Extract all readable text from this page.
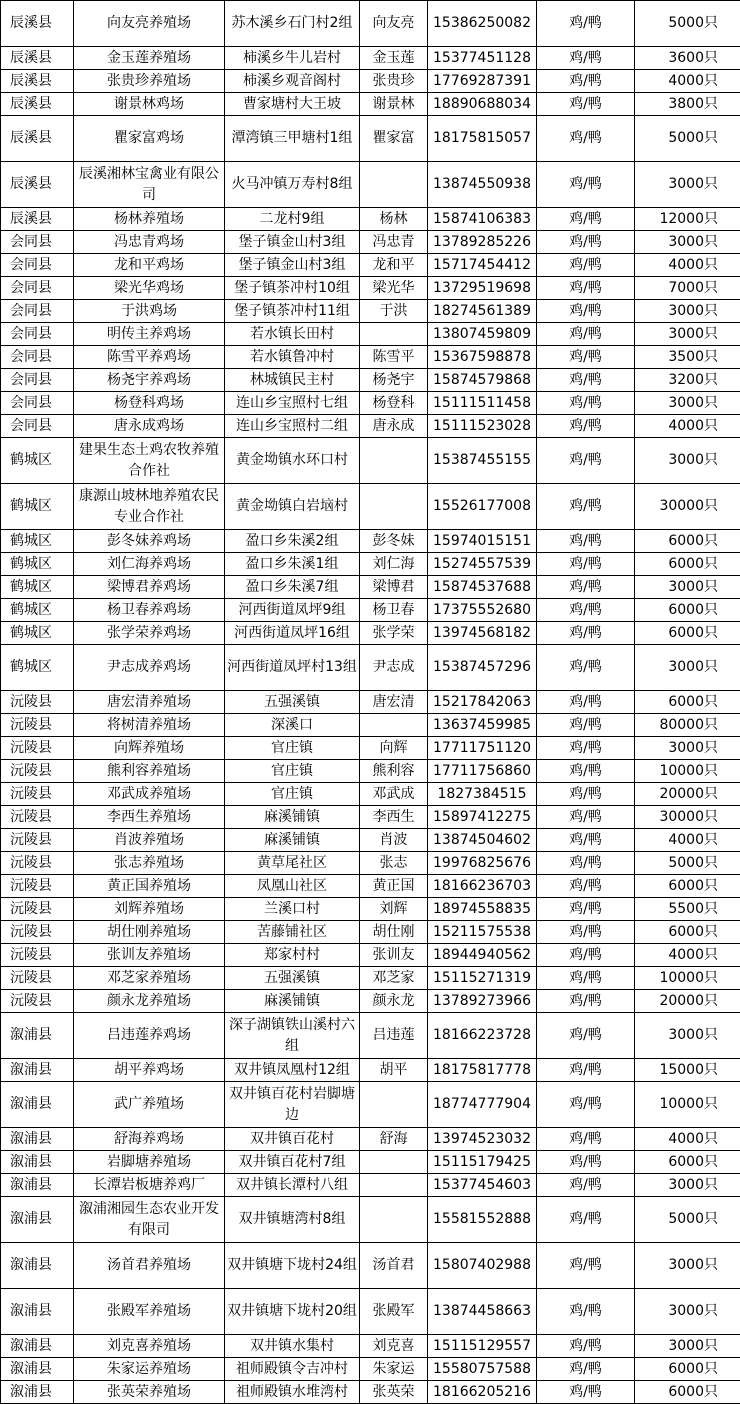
辰溪县	向友亮养殖场	苏木溪乡石门村2组	向友亮	15386250082	鸡/鸭	5000只
辰溪县	金玉莲养殖场	柿溪乡牛儿岩村	金玉莲	15377451128	鸡/鸭	3600只
辰溪县	张贵珍养殖场	柿溪乡观音阁村	张贵珍	17769287391	鸡/鸭	4000只
辰溪县	谢景林鸡场	曹家塘村大王坡	谢景林	18890688034	鸡/鸭	3800只
辰溪县	瞿家富鸡场	潭湾镇三甲塘村1组	瞿家富	18175815057	鸡/鸭	5000只
辰溪县	辰溪湘林宝禽业有限公司	火马冲镇万寿村8组		13874550938	鸡/鸭	3000只
辰溪县	杨林养殖场	二龙村9组	杨林	15874106383	鸡/鸭	12000只
会同县	冯忠青鸡场	堡子镇金山村3组	冯忠青	13789285226	鸡/鸭	3000只
会同县	龙和平鸡场	堡子镇金山村3组	龙和平	15717454412	鸡/鸭	4000只
会同县	梁光华鸡场	堡子镇茶冲村10组	梁光华	13729519698	鸡/鸭	7000只
会同县	于洪鸡场	堡子镇茶冲村11组	于洪	18274561389	鸡/鸭	3000只
会同县	明传主养鸡场	若水镇长田村		13807459809	鸡/鸭	3000只
会同县	陈雪平养鸡场	若水镇鲁冲村	陈雪平	15367598878	鸡/鸭	3500只
会同县	杨尧宇养鸡场	林城镇民主村	杨尧宇	15874579868	鸡/鸭	3200只
会同县	杨登科鸡场	连山乡宝照村七组	杨登科	15111511458	鸡/鸭	3000只
会同县	唐永成鸡场	连山乡宝照村二组	唐永成	15111523028	鸡/鸭	4000只
鹤城区	建果生态土鸡农牧养殖合作社	黄金坳镇水环口村		15387455155	鸡/鸭	3000只
鹤城区	康源山坡林地养殖农民专业合作社	黄金坳镇白岩垴村		15526177008	鸡/鸭	30000只
鹤城区	彭冬妹养鸡场	盈口乡朱溪2组	彭冬妹	15974015151	鸡/鸭	6000只
鹤城区	刘仁海养鸡场	盈口乡朱溪1组	刘仁海	15274557539	鸡/鸭	6000只
鹤城区	梁博君养鸡场	盈口乡朱溪7组	梁博君	15874537688	鸡/鸭	3000只
鹤城区	杨卫春养鸡场	河西街道凤坪9组	杨卫春	17375552680	鸡/鸭	6000只
鹤城区	张学荣养鸡场	河西街道凤坪16组	张学荣	13974568182	鸡/鸭	6000只
鹤城区	尹志成养鸡场	河西街道凤坪村13组	尹志成	15387457296	鸡/鸭	3000只
沅陵县	唐宏清养殖场	五强溪镇	唐宏清	15217842063	鸡/鸭	6000只
沅陵县	将树清养殖场	深溪口		13637459985	鸡/鸭	80000只
沅陵县	向辉养殖场	官庄镇	向辉	17711751120	鸡/鸭	3000只
沅陵县	熊利容养殖场	官庄镇	熊利容	17711756860	鸡/鸭	10000只
沅陵县	邓武成养殖场	官庄镇	邓武成	1827384515	鸡/鸭	20000只
沅陵县	李西生养殖场	麻溪铺镇	李西生	15897412275	鸡/鸭	30000只
沅陵县	肖波养殖场	麻溪铺镇	肖波	13874504602	鸡/鸭	4000只
沅陵县	张志养殖场	黄草尾社区	张志	19976825676	鸡/鸭	5000只
沅陵县	黄正国养殖场	凤凰山社区	黄正国	18166236703	鸡/鸭	6000只
沅陵县	刘辉养殖场	兰溪口村	刘辉	18974558835	鸡/鸭	5500只
沅陵县	胡仕刚养殖场	苦藤铺社区	胡仕刚	15211575538	鸡/鸭	6000只
沅陵县	张训友养殖场	郑家村村	张训友	18944940562	鸡/鸭	4000只
沅陵县	邓芝家养殖场	五强溪镇	邓芝家	15115271319	鸡/鸭	10000只
沅陵县	颜永龙养殖场	麻溪铺镇	颜永龙	13789273966	鸡/鸭	20000只
溆浦县	吕违莲养鸡场	深子湖镇铁山溪村六组	吕违莲	18166223728	鸡/鸭	3000只
溆浦县	胡平养鸡场	双井镇凤凰村12组	胡平	18175817778	鸡/鸭	15000只
溆浦县	武广养殖场	双井镇百花村岩脚塘边		18774777904	鸡/鸭	10000只
溆浦县	舒海养鸡场	双井镇百花村	舒海	13974523032	鸡/鸭	4000只
溆浦县	岩脚塘养殖场	双井镇百花村7组		15115179425	鸡/鸭	6000只
溆浦县	长潭岩板塘养鸡厂	双井镇长潭村八组		15377454603	鸡/鸭	3000只
溆浦县	溆浦湘园生态农业开发有限司	双井镇塘湾村8组		15581552888	鸡/鸭	5000只
溆浦县	汤首君养殖场	双井镇塘下垅村24组	汤首君	15807402988	鸡/鸭	3000只
溆浦县	张殿军养殖场	双井镇塘下垅村20组	张殿军	13874458663	鸡/鸭	3000只
溆浦县	刘克喜养殖场	双井镇水集村	刘克喜	15115129557	鸡/鸭	3000只
溆浦县	朱家运养殖场	祖师殿镇令吉冲村	朱家运	15580757588	鸡/鸭	6000只
溆浦县	张英荣养殖场	祖师殿镇水堆湾村	张英荣	18166205216	鸡/鸭	6000只
